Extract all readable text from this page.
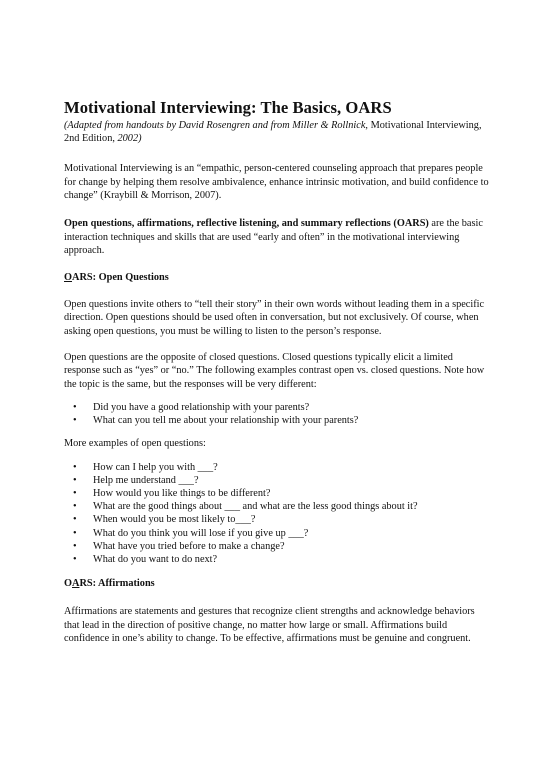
Motivational Interviewing: The Basics, OARS
(Adapted from handouts by David Rosengren and from Miller & Rollnick, Motivational Interviewing, 2nd Edition, 2002)

Motivational Interviewing is an “empathic, person-centered counseling approach that prepares people for change by helping them resolve ambivalence, enhance intrinsic motivation, and build confidence to change” (Kraybill & Morrison, 2007).

Open questions, affirmations, reflective listening, and summary reflections (OARS) are the basic interaction techniques and skills that are used “early and often” in the motivational interviewing approach.

OARS: Open Questions

Open questions invite others to “tell their story” in their own words without leading them in a specific direction. Open questions should be used often in conversation, but not exclusively. Of course, when asking open questions, you must be willing to listen to the person’s response.

Open questions are the opposite of closed questions. Closed questions typically elicit a limited response such as “yes” or “no.” The following examples contrast open vs. closed questions. Note how the topic is the same, but the responses will be very different:

• Did you have a good relationship with your parents?
• What can you tell me about your relationship with your parents?

More examples of open questions:

• How can I help you with ___?
• Help me understand ___?
• How would you like things to be different?
• What are the good things about ___ and what are the less good things about it?
• When would you be most likely to___?
• What do you think you will lose if you give up ___?
• What have you tried before to make a change?
• What do you want to do next?
OARS: Affirmations

Affirmations are statements and gestures that recognize client strengths and acknowledge behaviors that lead in the direction of positive change, no matter how large or small. Affirmations build confidence in one’s ability to change. To be effective, affirmations must be genuine and congruent.
